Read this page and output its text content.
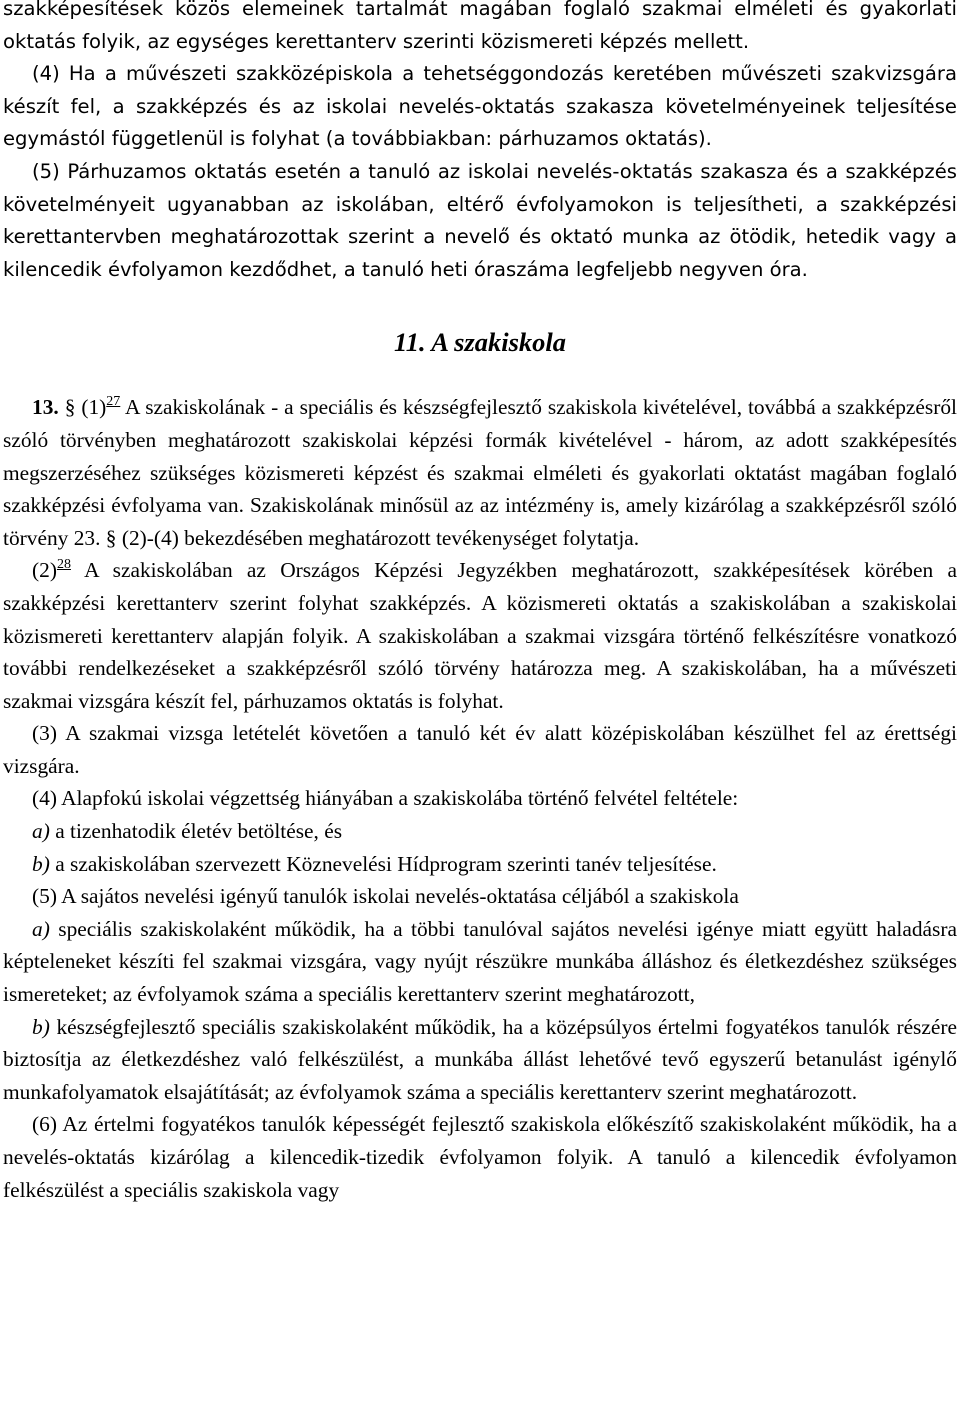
szakképesítések közös elemeinek tartalmát magában foglaló szakmai elméleti és gyakorlati oktatás folyik, az egységes kerettanterv szerinti közismereti képzés mellett.
(4) Ha a művészeti szakközépiskola a tehetséggondozás keretében művészeti szakvizsgára készít fel, a szakképzés és az iskolai nevelés-oktatás szakasza követelményeinek teljesítése egymástól függetlenül is folyhat (a továbbiakban: párhuzamos oktatás).
(5) Párhuzamos oktatás esetén a tanuló az iskolai nevelés-oktatás szakasza és a szakképzés követelményeit ugyanabban az iskolában, eltérő évfolyamokon is teljesítheti, a szakképzési kerettantervben meghatározottak szerint a nevelő és oktató munka az ötödik, hetedik vagy a kilencedik évfolyamon kezdődhet, a tanuló heti óraszáma legfeljebb negyven óra.
11. A szakiskola
13. § (1)$^{27}$ A szakiskolának - a speciális és készségfejlesztő szakiskola kivételével, továbbá a szakképzésről szóló törvényben meghatározott szakiskolai képzési formák kivételével - három, az adott szakképesítés megszerzéséhez szükséges közismereti képzést és szakmai elméleti és gyakorlati oktatást magában foglaló szakképzési évfolyama van. Szakiskolának minősül az az intézmény is, amely kizárólag a szakképzésről szóló törvény 23. § (2)-(4) bekezdésében meghatározott tevékenységet folytatja.
(2)$^{28}$ A szakiskolában az Országos Képzési Jegyzékben meghatározott, szakképesítések körében a szakképzési kerettanterv szerint folyhat szakképzés. A közismereti oktatás a szakiskolában a szakiskolai közismereti kerettanterv alapján folyik. A szakiskolában a szakmai vizsgára történő felkészítésre vonatkozó további rendelkezéseket a szakképzésről szóló törvény határozza meg. A szakiskolában, ha a művészeti szakmai vizsgára készít fel, párhuzamos oktatás is folyhat.
(3) A szakmai vizsga letételét követően a tanuló két év alatt középiskolában készülhet fel az érettségi vizsgára.
(4) Alapfokú iskolai végzettség hiányában a szakiskolába történő felvétel feltétele:
a) a tizenhatodik életév betöltése, és
b) a szakiskolában szervezett Köznevelési Hídprogram szerinti tanév teljesítése.
(5) A sajátos nevelési igényű tanulók iskolai nevelés-oktatása céljából a szakiskola
a) speciális szakiskolaként működik, ha a többi tanulóval sajátos nevelési igénye miatt együtt haladásra képteleneket készíti fel szakmai vizsgára, vagy nyújt részükre munkába álláshoz és életkezdéshez szükséges ismereteket; az évfolyamok száma a speciális kerettanterv szerint meghatározott,
b) készségfejlesztő speciális szakiskolaként működik, ha a középsúlyos értelmi fogyatékos tanulók részére biztosítja az életkezdéshez való felkészülést, a munkába állást lehetővé tevő egyszerű betanulást igénylő munkafolyamatok elsajátítását; az évfolyamok száma a speciális kerettanterv szerint meghatározott.
(6) Az értelmi fogyatékos tanulók képességét fejlesztő szakiskola előkészítő szakiskolaként működik, ha a nevelés-oktatás kizárólag a kilencedik-tizedik évfolyamon folyik. A tanuló a kilencedik évfolyamon felkészülést a speciális szakiskola vagy
